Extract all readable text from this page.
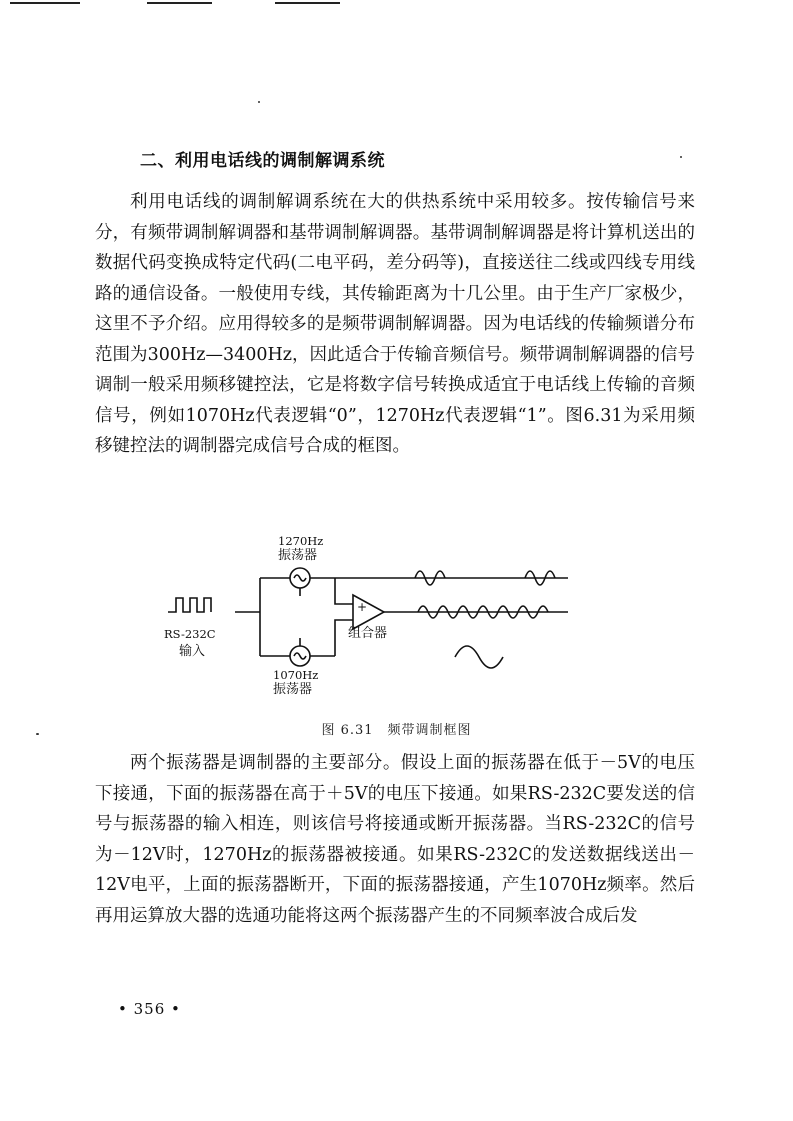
二、利用电话线的调制解调系统

利用电话线的调制解调系统在大的供热系统中采用较多。按传输信号来分，有频带调制解调器和基带调制解调器。基带调制解调器是将计算机送出的数据代码变换成特定代码(二电平码，差分码等)，直接送往二线或四线专用线路的通信设备。一般使用专线，其传输距离为十几公里。由于生产厂家极少，这里不予介绍。应用得较多的是频带调制解调器。因为电话线的传输频谱分布范围为300Hz—3400Hz，因此适合于传输音频信号。频带调制解调器的信号调制一般采用频移键控法，它是将数字信号转换成适宜于电话线上传输的音频信号，例如1070Hz代表逻辑“0”，1270Hz代表逻辑“1”。图6.31为采用频移键控法的调制器完成信号合成的框图。

1270Hz
振荡器
RS-232C
输入
组合器
+
1070Hz
振荡器
图 6.31　频带调制框图

两个振荡器是调制器的主要部分。假设上面的振荡器在低于－5V的电压下接通，下面的振荡器在高于＋5V的电压下接通。如果RS-232C要发送的信号与振荡器的输入相连，则该信号将接通或断开振荡器。当RS-232C的信号为－12V时，1270Hz的振荡器被接通。如果RS-232C的发送数据线送出－12V电平，上面的振荡器断开，下面的振荡器接通，产生1070Hz频率。然后再用运算放大器的选通功能将这两个振荡器产生的不同频率波合成后发

• 356 •
